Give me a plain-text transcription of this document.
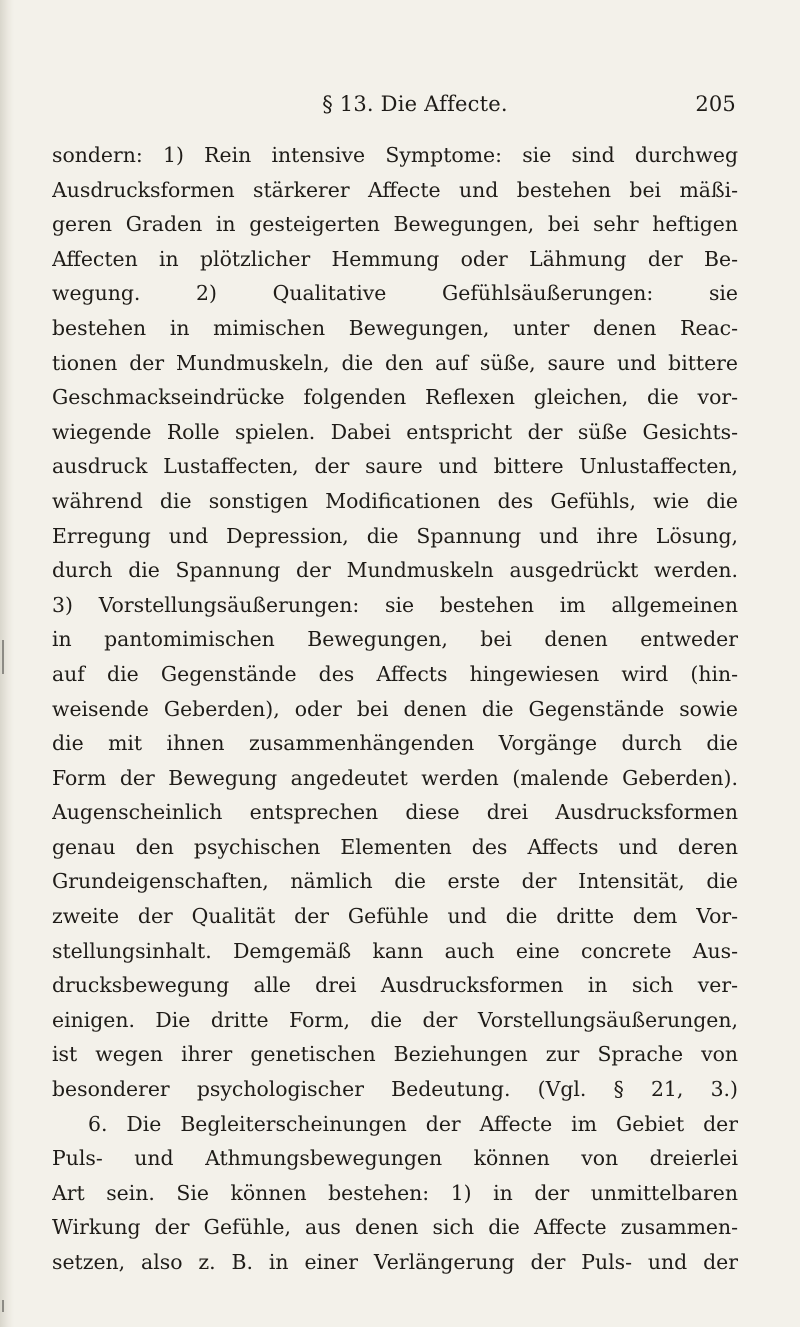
§ 13. Die Affecte.	205
sondern: 1) Rein intensive Symptome: sie sind durchweg
Ausdrucksformen stärkerer Affecte und bestehen bei mäßi-
geren Graden in gesteigerten Bewegungen, bei sehr heftigen
Affecten in plötzlicher Hemmung oder Lähmung der Be-
wegung. 2) Qualitative Gefühlsäußerungen: sie
bestehen in mimischen Bewegungen, unter denen Reac-
tionen der Mundmuskeln, die den auf süße, saure und bittere
Geschmackseindrücke folgenden Reflexen gleichen, die vor-
wiegende Rolle spielen. Dabei entspricht der süße Gesichts-
ausdruck Lustaffecten, der saure und bittere Unlustaffecten,
während die sonstigen Modificationen des Gefühls, wie die
Erregung und Depression, die Spannung und ihre Lösung,
durch die Spannung der Mundmuskeln ausgedrückt werden.
3) Vorstellungsäußerungen: sie bestehen im allgemeinen
in pantomimischen Bewegungen, bei denen entweder
auf die Gegenstände des Affects hingewiesen wird (hin-
weisende Geberden), oder bei denen die Gegenstände sowie
die mit ihnen zusammenhängenden Vorgänge durch die
Form der Bewegung angedeutet werden (malende Geberden).
Augenscheinlich entsprechen diese drei Ausdrucksformen
genau den psychischen Elementen des Affects und deren
Grundeigenschaften, nämlich die erste der Intensität, die
zweite der Qualität der Gefühle und die dritte dem Vor-
stellungsinhalt. Demgemäß kann auch eine concrete Aus-
drucksbewegung alle drei Ausdrucksformen in sich ver-
einigen. Die dritte Form, die der Vorstellungsäußerungen,
ist wegen ihrer genetischen Beziehungen zur Sprache von
besonderer psychologischer Bedeutung. (Vgl. § 21, 3.)
6. Die Begleiterscheinungen der Affecte im Gebiet der
Puls- und Athmungsbewegungen können von dreierlei
Art sein. Sie können bestehen: 1) in der unmittelbaren
Wirkung der Gefühle, aus denen sich die Affecte zusammen-
setzen, also z. B. in einer Verlängerung der Puls- und der
